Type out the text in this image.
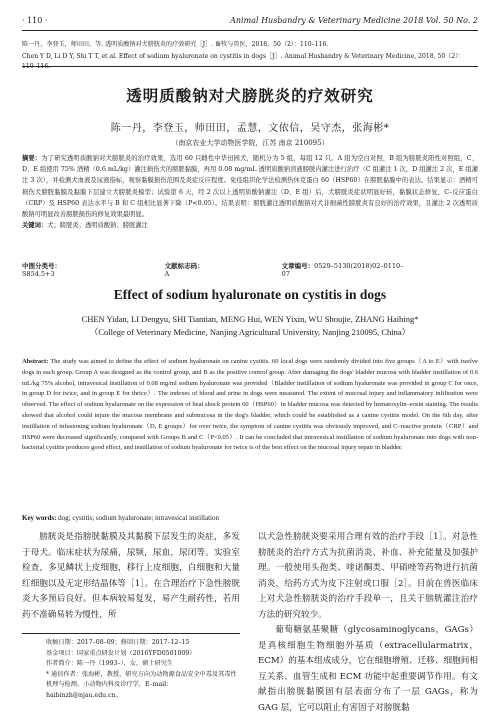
· 110 ·	Animal Husbandry & Veterinary Medicine 2018 Vol. 50 No. 2
陈一丹，李登玉，师田田，等. 透明质酸钠对犬膀胱炎的疗效研究［J］. 畜牧与兽医，2018，50（2）：110–116.
Chen Y D, Li D Y, Shi T T, et al. Effect of sodium hyaluronate on cystitis in dogs［J］. Animal Husbandry & Veterinary Medicine, 2018, 50（2）：110–116.
透明质酸钠对犬膀胱炎的疗效研究
陈一丹，李登玉，师田田，孟慧，文依信，吴守杰，张海彬*
（南京农业大学动物医学院，江苏 南京 210095）
摘要：为了研究透明质酸钠对犬膀胱炎的治疗效果，选用 60 只雌性中华田园犬，随机分为 5 组，每组 12 只。A 组为空白对照，B 组为膀胱炎阳性对照组，C、D、E 组使用 75% 酒精（0.6 mL/kg）灌注损伤犬的膀胱黏膜，再用 0.08 mg/mL 透明质酸钠溶液膀胱内灌注进行治疗（C 组灌注 1 次，D 组灌注 2 次，E 组灌注 3 次），并检测犬血液及尿液指标，观察黏膜损伤范围及炎症反应程度。免疫组织化学法检测热休克蛋白 60（HSP60）在膀胱黏膜中的表达。结果显示：酒精可损伤犬膀胱黏膜及黏膜下层建立犬膀胱炎模型；试验第 6 天，经 2 次以上透明质酸钠灌注（D、E 组）后，犬膀胱炎症状明显好转，黏膜状态修复，C–反应蛋白（CRP）及 HSP60 表达水平与 B 和 C 组相比显著下降（P<0.05）。结果表明：膀胱灌注透明质酸钠对犬非细菌性膀胱炎有良好的治疗效果，且灌注 2 次透明质酸钠可明显改善膀胱损伤的修复效果最明显。
关键词：犬；膀胱炎；透明质酸钠；膀胱灌注
中图分类号：S854.5+3
文献标志码：A
文章编号：0529–5130(2018)02–0110–07
Effect of sodium hyaluronate on cystitis in dogs
CHEN Yidan, LI Dengyu, SHI Tiantian, MENG Hui, WEN Yixin, WU Shoujie, ZHANG Haibing*
（College of Veterinary Medicine, Nanjing Agricultural University, Nanjing 210095, China）
Abstract: The study was aimed to define the effect of sodium hyaluronate on canine cystitis. 60 local dogs were randomly divided into five groups（A to E）with twelve dogs in each group. Group A was designed as the control group, and B as the positive control group. After damaging the dogs' bladder mucosa with bladder instillation of 0.6 mL/kg 75% alcohol, intravesical instillation of 0.08 mg/ml sodium hyaluronate was provided（Bladder instillation of sodium hyaluronate was provided in group C for once, in group D for twice, and in group E for thrice）. The indexes of blood and urine in dogs were measured. The extent of mucosal injury and inflammatory infiltration were observed. The effect of sodium hyaluronate on the expression of heat shock protein 60（HSP60）in bladder mucosa was detected by hematoxylin–eosin staining. The results showed that alcohol could injure the mucous membrane and submucosa in the dog's bladder, which could be established as a canine cystitis model. On the 6th day, after instillation of infusioning sodium hyaluronate（D, E groups）for over twice, the symptom of canine cystitis was obviously improved, and C–reactive protein（CRP）and HSP60 were decreased significantly, compared with Groups B and C（P<0.05）. It can be concluded that intravesical instillation of sodium hyaluronate into dogs with non-bacterial cystitis produces good effect, and instillation of sodium hyaluronate for twice is of the best effect on the mucosal injury repair in bladder.
Key words: dog; cystitis; sodium hyaluronate; intravesical instillation

膀胱炎是指膀胱黏膜及其黏膜下层发生的炎症，多发于母犬。临床症状为尿痛，尿频，尿血，尿闭等。实验室检查，多见鳞状上皮细胞，移行上皮细胞，白细胞和大量红细胞以及无定形结晶体等［1］。在合理治疗下急性膀胱炎大多预后良好。但本病较易复发，易产生耐药性，若用药不准确易转为慢性，所

收稿日期：2017–08–09；修回日期：2017–12–15

基金项目：国家重点研发计划（2016YFD0501009）

作者简介：陈一丹（1993–），女，硕士研究生

* 通信作者：张海彬，教授，研究方向为动物源食品安全中毒及其毒性机理与检测、小动物内科及诊疗学，E–mail：haibinzh@njau.edu.cn。

以犬急性膀胱炎要采用合理有效的治疗手段［1］。对急性膀胱炎的治疗方式为抗菌消炎、补血、补充能量及加强护理。一般使用头孢类、喹诺酮类、甲硝唑等药物进行抗菌消炎，给药方式为皮下注射或口服［2］。目前在兽医临床上对犬急性膀胱炎的治疗手段单一，且关于膀胱灌注治疗方法的研究较少。

葡萄糖氨基聚糖（glycosaminoglycans，GAGs）是真核细胞生物细胞外基质（extracellularmatrix，ECM）的基本组成成分，它在细胞增殖、迁移、细胞间相互关系、血管生成和 ECM 功能中起重要调节作用。有文献指出膀胱黏膜固有层表面分布了一层 GAGs，称为 GAG 层，它可以阻止有害因子对膀胱黏
